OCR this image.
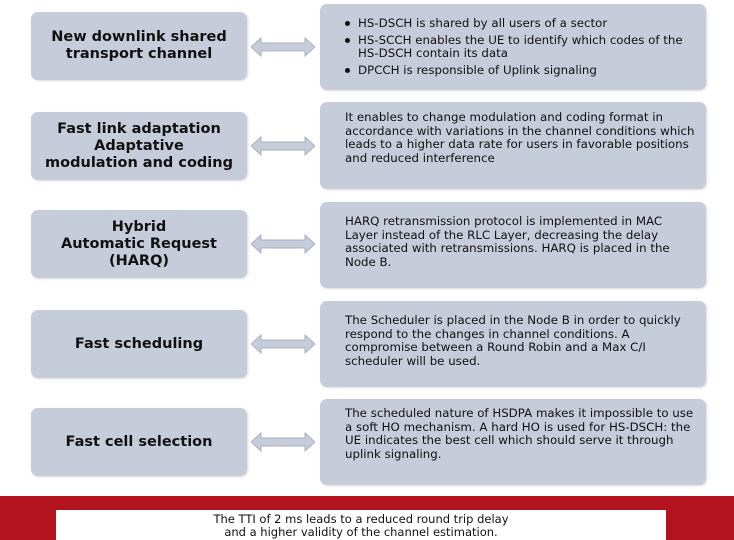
New downlink shared
transport channel
HS-DSCH is shared by all users of a sector
HS-SCCH enables the UE to identify which codes of the HS-DSCH contain its data
DPCCH is responsible of Uplink signaling
Fast link adaptation
Adaptative
modulation and coding
It enables to change modulation and coding format in accordance with variations in the channel conditions which leads to a higher data rate for users in favorable positions and reduced interference
Hybrid
Automatic Request
(HARQ)
HARQ retransmission protocol is implemented in MAC Layer instead of the RLC Layer, decreasing the delay associated with retransmissions. HARQ is placed in the Node B.
Fast scheduling
The Scheduler is placed in the Node B in order to quickly respond to the changes in channel conditions. A compromise between a Round Robin and a Max C/I scheduler will be used.
Fast cell selection
The scheduled nature of HSDPA makes it impossible to use a soft HO mechanism. A hard HO is used for HS-DSCH: the UE indicates the best cell which should serve it through uplink signaling.
The TTI of 2 ms leads to a reduced round trip delay
and a higher validity of the channel estimation.
